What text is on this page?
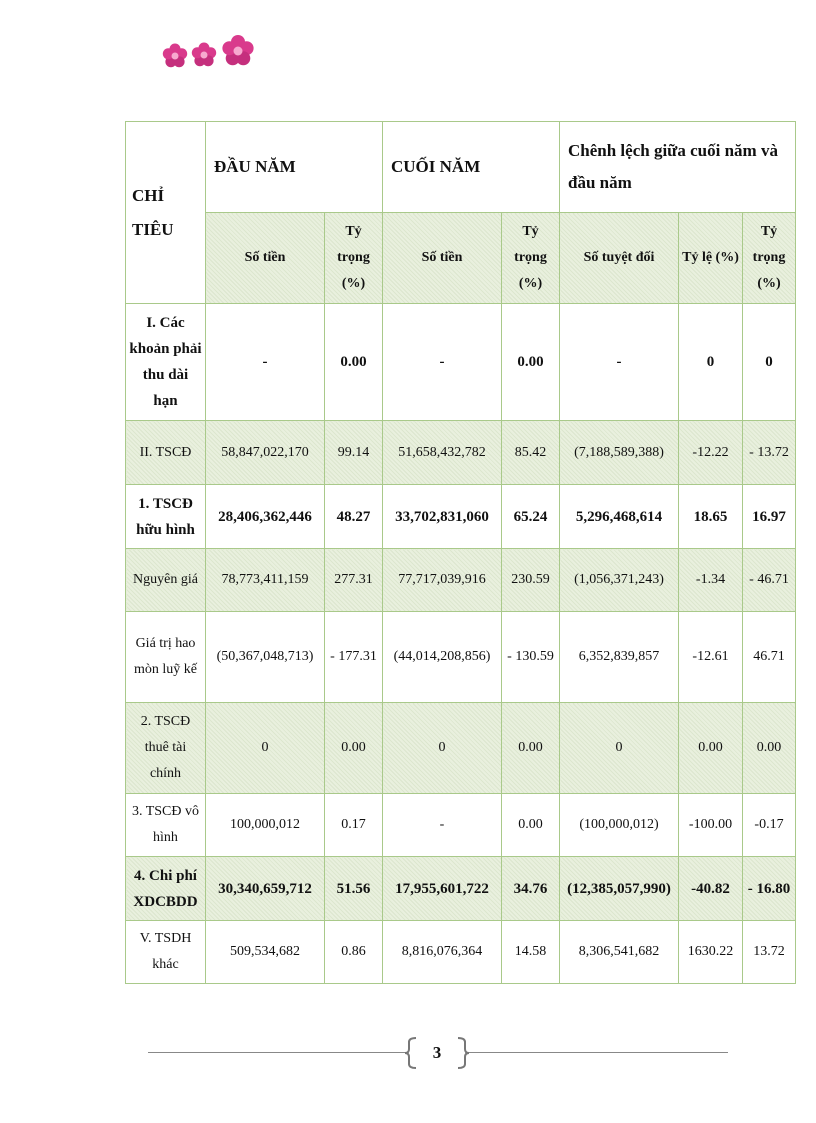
CHỈ TIÊU	ĐẦU NĂM		CUỐI NĂM		Chênh lệch giữa cuối năm và đầu năm		
	Số tiền	Tỷ trọng (%)	Số tiền	Tỷ trọng (%)	Số tuyệt đối	Tỷ lệ (%)	Tỷ trọng (%)
I. Các khoản phải thu dài hạn	-	0.00	-	0.00	-	0	0
II. TSCĐ	58,847,022,170	99.14	51,658,432,782	85.42	(7,188,589,388)	-12.22	- 13.72
1. TSCĐ hữu hình	28,406,362,446	48.27	33,702,831,060	65.24	5,296,468,614	18.65	16.97
Nguyên giá	78,773,411,159	277.31	77,717,039,916	230.59	(1,056,371,243)	-1.34	- 46.71
Giá trị hao mòn luỹ kế	(50,367,048,713)	- 177.31	(44,014,208,856)	- 130.59	6,352,839,857	-12.61	46.71
2. TSCĐ thuê tài chính	0	0.00	0	0.00	0	0.00	0.00
3. TSCĐ vô hình	100,000,012	0.17	-	0.00	(100,000,012)	-100.00	-0.17
4. Chi phí XDCBDD	30,340,659,712	51.56	17,955,601,722	34.76	(12,385,057,990)	-40.82	- 16.80
V. TSDH khác	509,534,682	0.86	8,816,076,364	14.58	8,306,541,682	1630.22	13.72
3
